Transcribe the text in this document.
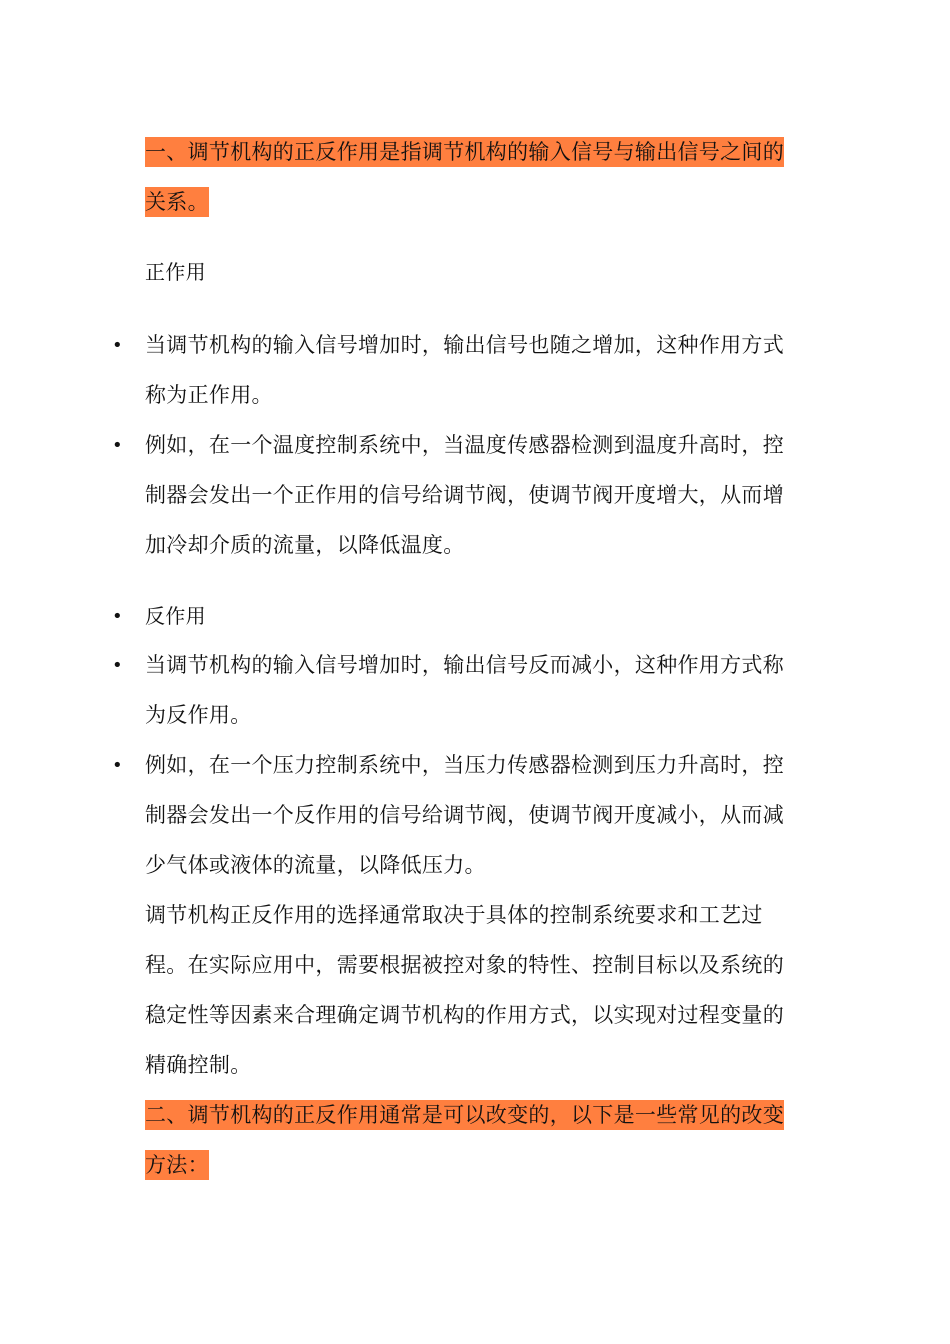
一、调节机构的正反作用是指调节机构的输入信号与输出信号之间的关系。
正作用
• 当调节机构的输入信号增加时，输出信号也随之增加，这种作用方式称为正作用。
• 例如，在一个温度控制系统中，当温度传感器检测到温度升高时，控制器会发出一个正作用的信号给调节阀，使调节阀开度增大，从而增加冷却介质的流量，以降低温度。
• 反作用
• 当调节机构的输入信号增加时，输出信号反而减小，这种作用方式称为反作用。
• 例如，在一个压力控制系统中，当压力传感器检测到压力升高时，控制器会发出一个反作用的信号给调节阀，使调节阀开度减小，从而减少气体或液体的流量，以降低压力。
调节机构正反作用的选择通常取决于具体的控制系统要求和工艺过程。在实际应用中，需要根据被控对象的特性、控制目标以及系统的稳定性等因素来合理确定调节机构的作用方式，以实现对过程变量的精确控制。
二、调节机构的正反作用通常是可以改变的，以下是一些常见的改变方法：
